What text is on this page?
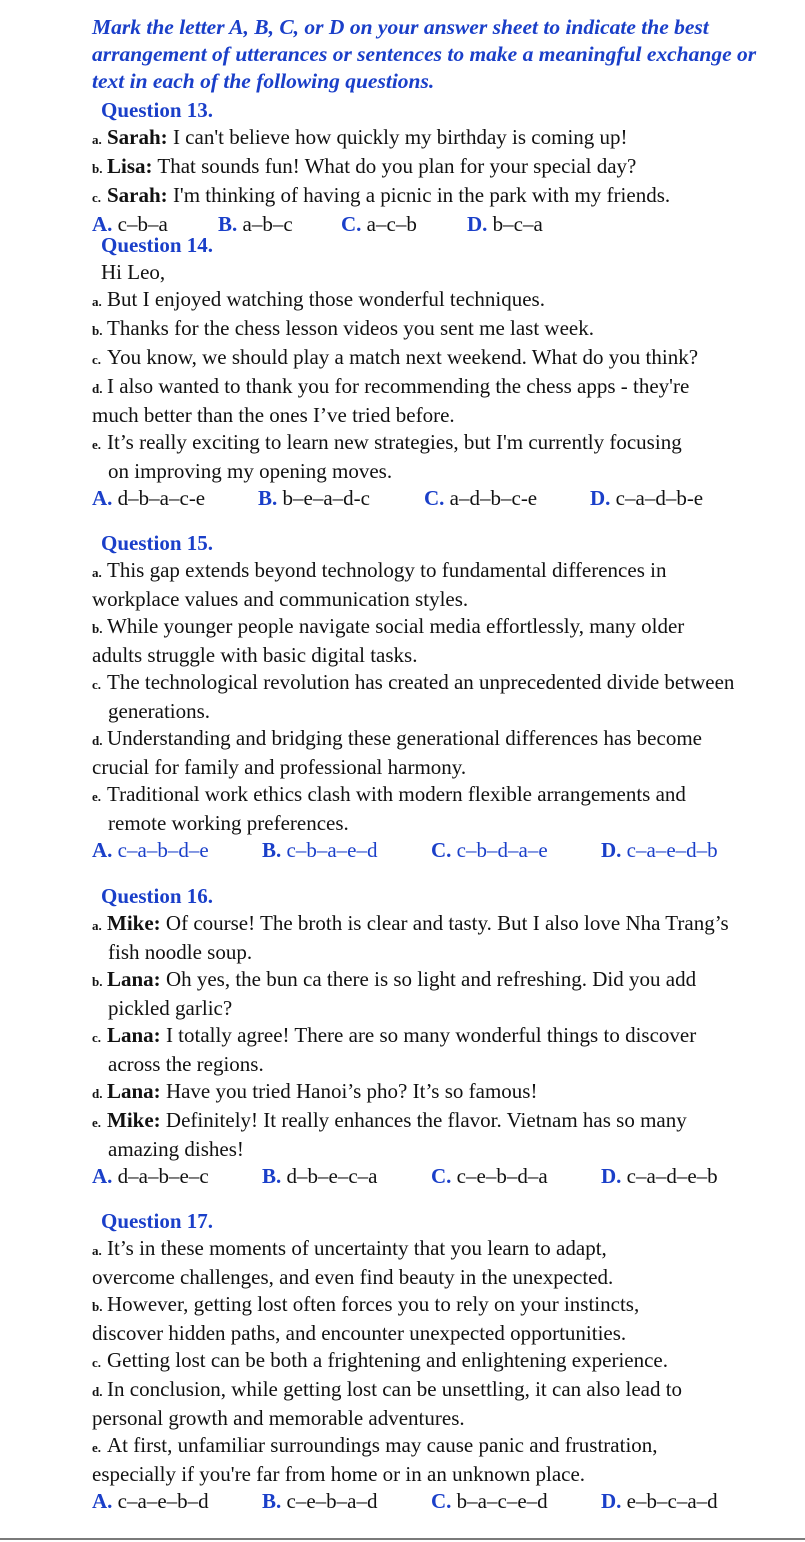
Mark the letter A, B, C, or D on your answer sheet to indicate the best arrangement of utterances or sentences to make a meaningful exchange or text in each of the following questions.

Question 13.
a. Sarah: I can't believe how quickly my birthday is coming up!
b. Lisa: That sounds fun! What do you plan for your special day?
c. Sarah: I'm thinking of having a picnic in the park with my friends.
A. c–b–a B. a–b–c C. a–c–b D. b–c–a
Question 14.
Hi Leo,
a. But I enjoyed watching those wonderful techniques.
b. Thanks for the chess lesson videos you sent me last week.
c. You know, we should play a match next weekend. What do you think?
d. I also wanted to thank you for recommending the chess apps - they're much better than the ones I’ve tried before.
e. It’s really exciting to learn new strategies, but I'm currently focusing on improving my opening moves.
A. d–b–a–c-e	B. b–e–a–d-c	C. a–d–b–c-e	D. c–a–d–b-e
Question 15.
a. This gap extends beyond technology to fundamental differences in workplace values and communication styles.
b. While younger people navigate social media effortlessly, many older adults struggle with basic digital tasks.
c. The technological revolution has created an unprecedented divide between generations.
d. Understanding and bridging these generational differences has become crucial for family and professional harmony.
e. Traditional work ethics clash with modern flexible arrangements and remote working preferences.
A. c–a–b–d–e	B. c–b–a–e–d	C. c–b–d–a–e	D. c–a–e–d–b
Question 16.
a. Mike: Of course! The broth is clear and tasty. But I also love Nha Trang’s fish noodle soup.
b. Lana: Oh yes, the bun ca there is so light and refreshing. Did you add pickled garlic?
c. Lana: I totally agree! There are so many wonderful things to discover across the regions.
d. Lana: Have you tried Hanoi’s pho? It’s so famous!
e. Mike: Definitely! It really enhances the flavor. Vietnam has so many amazing dishes!
A. d–a–b–e–c	B. d–b–e–c–a	C. c–e–b–d–a	D. c–a–d–e–b
Question 17.
a. It’s in these moments of uncertainty that you learn to adapt, overcome challenges, and even find beauty in the unexpected.
b. However, getting lost often forces you to rely on your instincts, discover hidden paths, and encounter unexpected opportunities.
c. Getting lost can be both a frightening and enlightening experience.
d. In conclusion, while getting lost can be unsettling, it can also lead to personal growth and memorable adventures.
e. At first, unfamiliar surroundings may cause panic and frustration, especially if you're far from home or in an unknown place.
A. c–a–e–b–d	B. c–e–b–a–d	C. b–a–c–e–d	D. e–b–c–a–d
